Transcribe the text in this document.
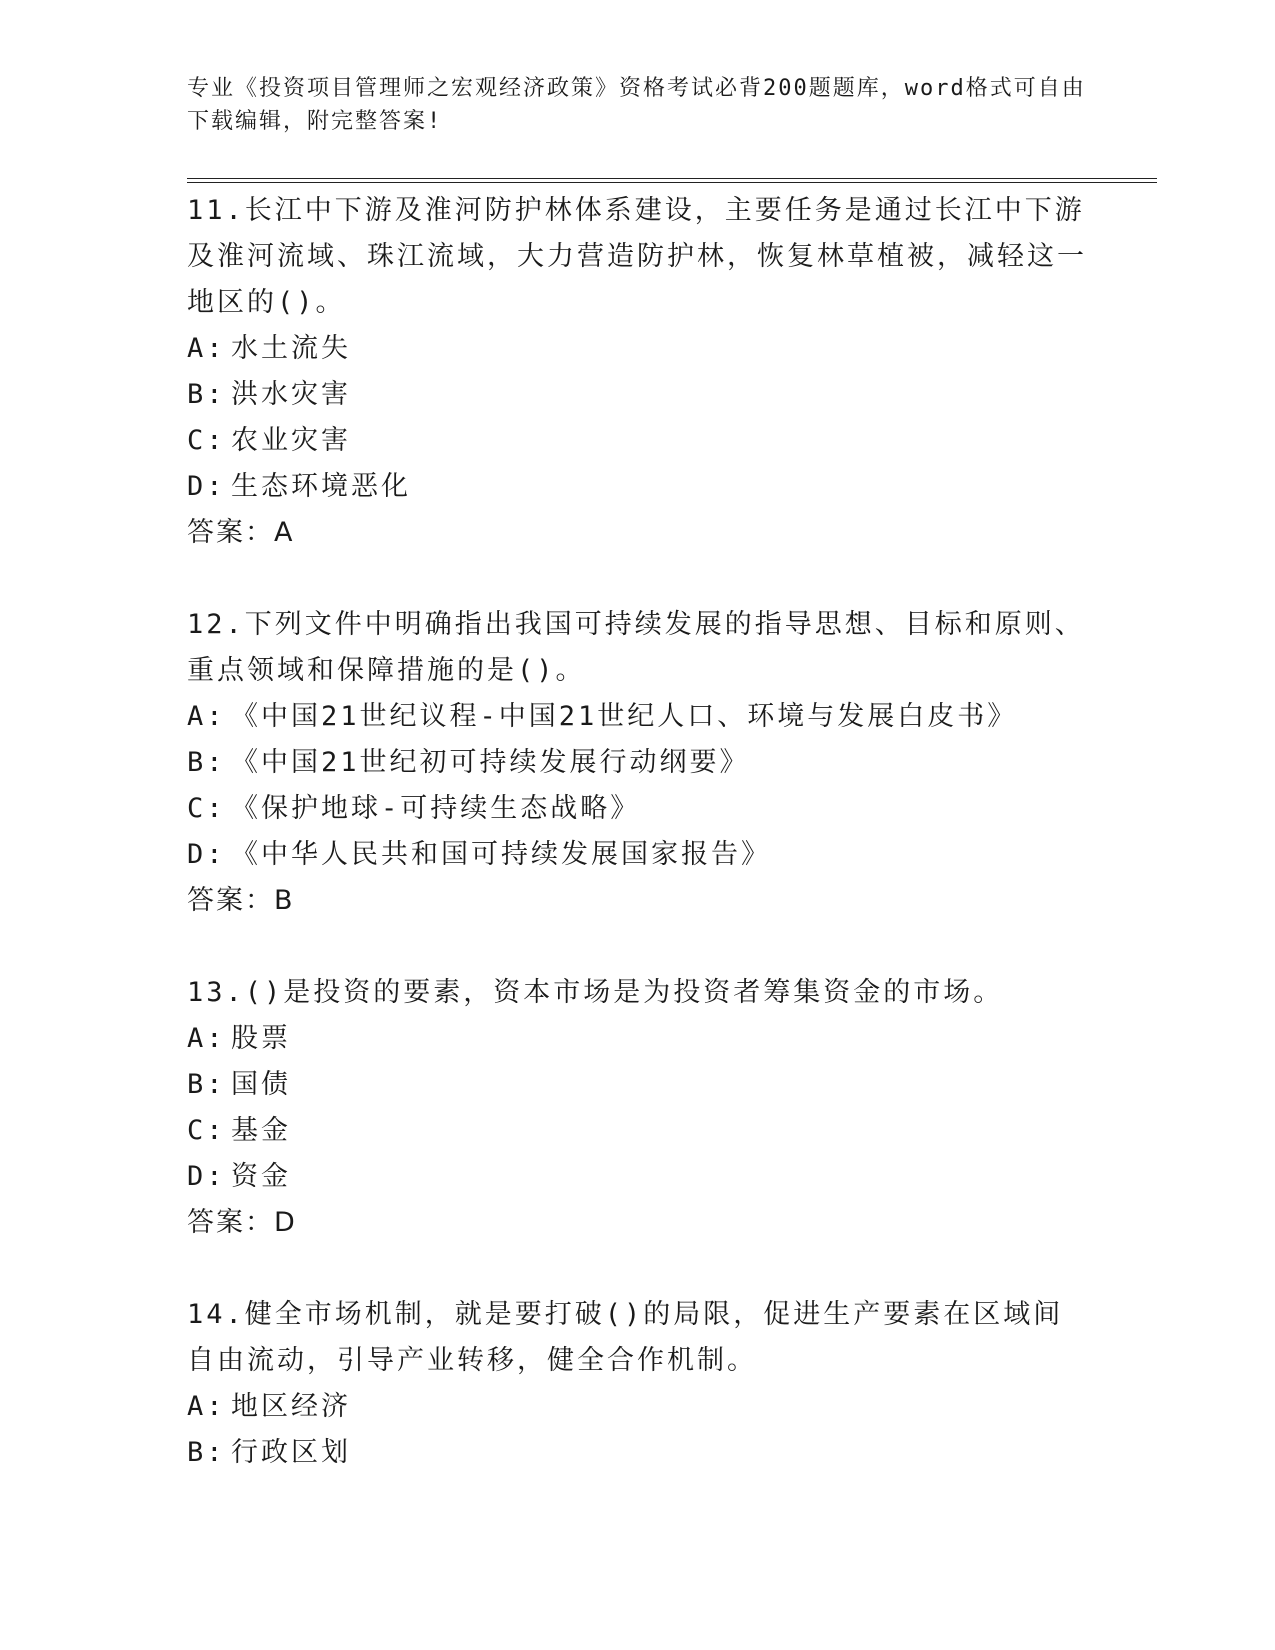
专业《投资项目管理师之宏观经济政策》资格考试必背200题题库，word格式可自由下载编辑，附完整答案!

11.长江中下游及淮河防护林体系建设，主要任务是通过长江中下游及淮河流域、珠江流域，大力营造防护林，恢复林草植被，减轻这一地区的()。

A: 水土流失

B: 洪水灾害

C: 农业灾害

D: 生态环境恶化

答案：A

12.下列文件中明确指出我国可持续发展的指导思想、目标和原则、重点领域和保障措施的是()。

A: 《中国21世纪议程-中国21世纪人口、环境与发展白皮书》

B: 《中国21世纪初可持续发展行动纲要》

C: 《保护地球-可持续生态战略》

D: 《中华人民共和国可持续发展国家报告》

答案：B

13.()是投资的要素，资本市场是为投资者筹集资金的市场。

A: 股票

B: 国债

C: 基金

D: 资金

答案：D

14.健全市场机制，就是要打破()的局限，促进生产要素在区域间自由流动，引导产业转移，健全合作机制。

A: 地区经济

B: 行政区划
